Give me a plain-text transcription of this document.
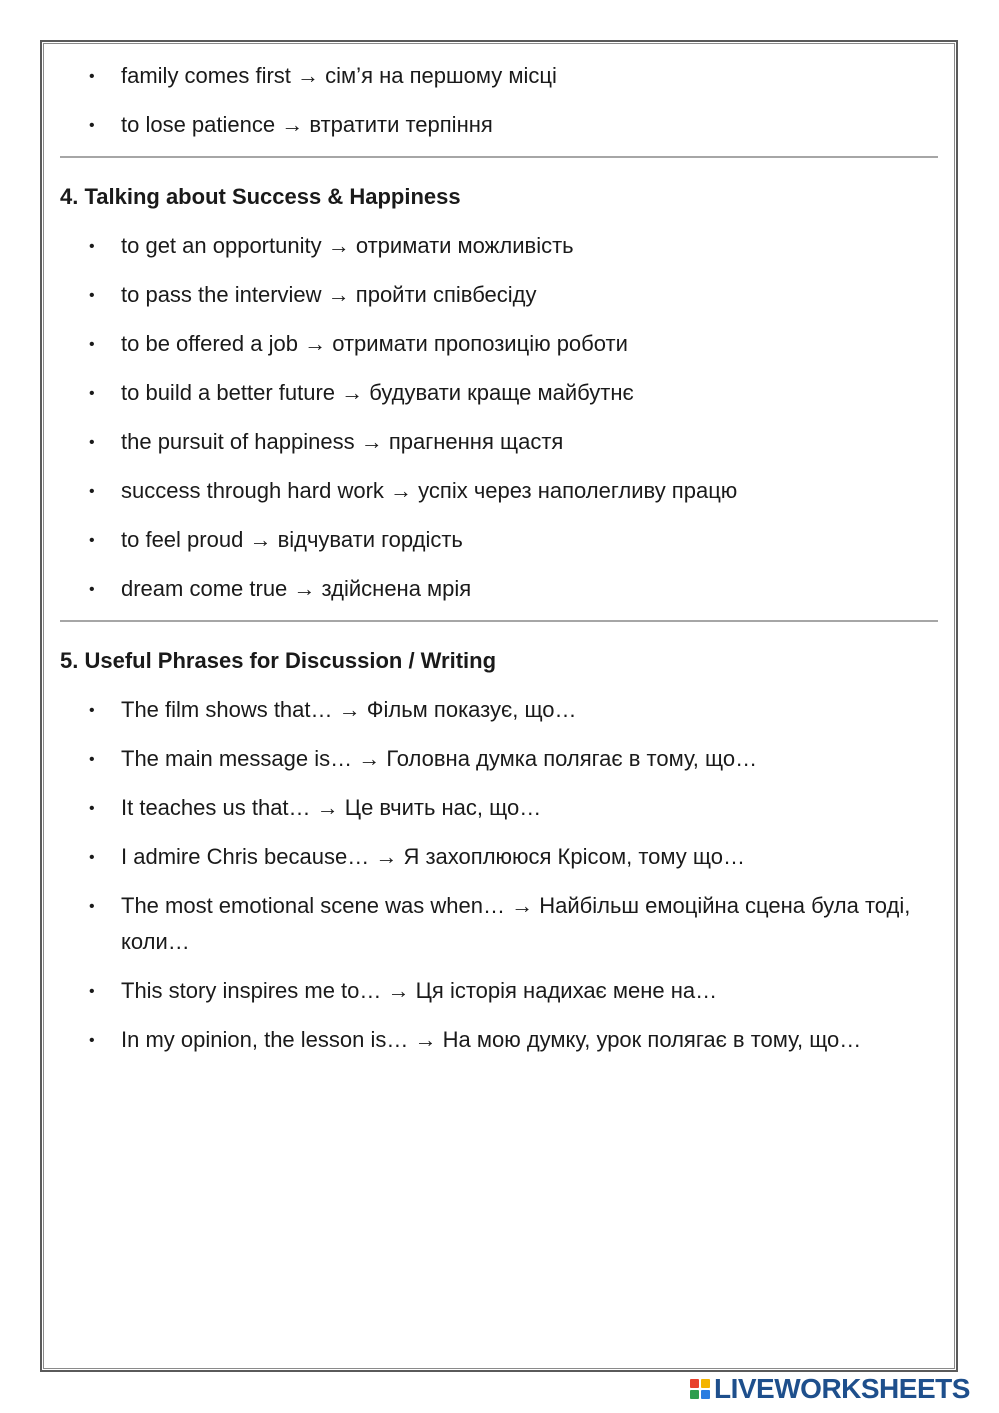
• family comes first → сім’я на першому місці
• to lose patience → втратити терпіння
4. Talking about Success & Happiness
• to get an opportunity → отримати можливість
• to pass the interview → пройти співбесіду
• to be offered a job → отримати пропозицію роботи
• to build a better future → будувати краще майбутнє
• the pursuit of happiness → прагнення щастя
• success through hard work → успіх через наполегливу працю
• to feel proud → відчувати гордість
• dream come true → здійснена мрія
5. Useful Phrases for Discussion / Writing
• The film shows that… → Фільм показує, що…
• The main message is… → Головна думка полягає в тому, що…
• It teaches us that… → Це вчить нас, що…
• I admire Chris because… → Я захоплююся Крісом, тому що…
• The most emotional scene was when… → Найбільш емоційна сцена була тоді, коли…
• This story inspires me to… → Ця історія надихає мене на…
• In my opinion, the lesson is… → На мою думку, урок полягає в тому, що…
LIVEWORKSHEETS
